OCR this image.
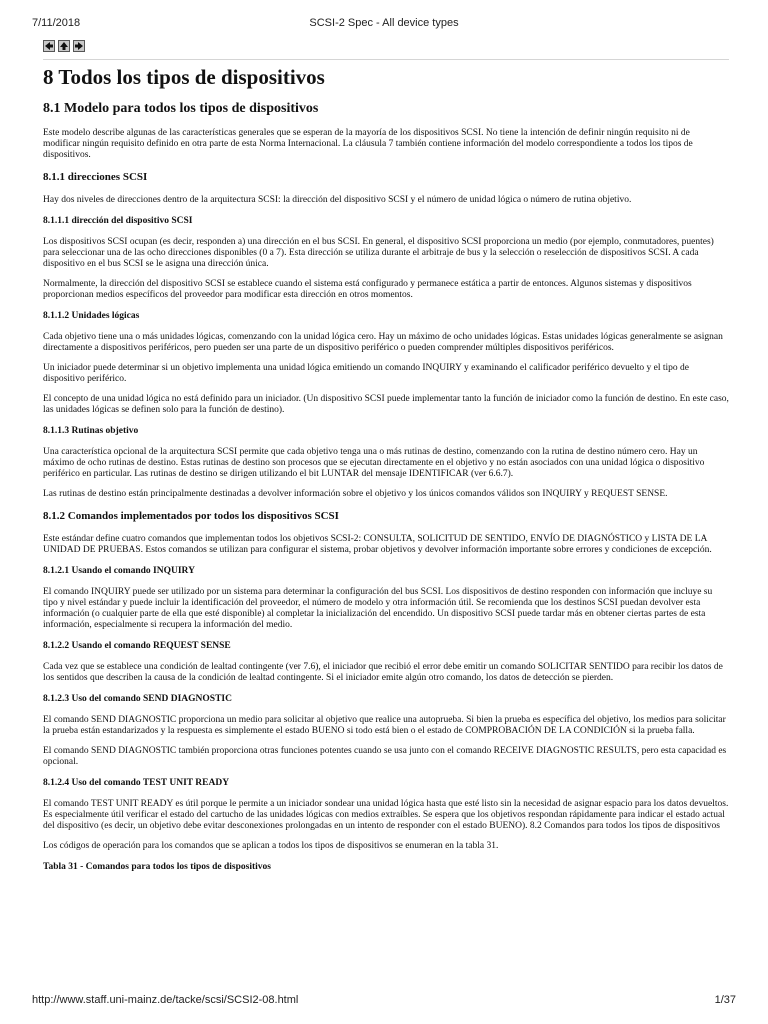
7/11/2018	SCSI-2 Spec - All device types
8 Todos los tipos de dispositivos
8.1 Modelo para todos los tipos de dispositivos

Este modelo describe algunas de las características generales que se esperan de la mayoría de los dispositivos SCSI. No tiene la intención de definir ningún requisito ni de modificar ningún requisito definido en otra parte de esta Norma Internacional. La cláusula 7 también contiene información del modelo correspondiente a todos los tipos de dispositivos.

8.1.1 direcciones SCSI

Hay dos niveles de direcciones dentro de la arquitectura SCSI: la dirección del dispositivo SCSI y el número de unidad lógica o número de rutina objetivo.

8.1.1.1 dirección del dispositivo SCSI

Los dispositivos SCSI ocupan (es decir, responden a) una dirección en el bus SCSI. En general, el dispositivo SCSI proporciona un medio (por ejemplo, conmutadores, puentes) para seleccionar una de las ocho direcciones disponibles (0 a 7). Esta dirección se utiliza durante el arbitraje de bus y la selección o reselección de dispositivos SCSI. A cada dispositivo en el bus SCSI se le asigna una dirección única.

Normalmente, la dirección del dispositivo SCSI se establece cuando el sistema está configurado y permanece estática a partir de entonces. Algunos sistemas y dispositivos proporcionan medios específicos del proveedor para modificar esta dirección en otros momentos.

8.1.1.2 Unidades lógicas

Cada objetivo tiene una o más unidades lógicas, comenzando con la unidad lógica cero. Hay un máximo de ocho unidades lógicas. Estas unidades lógicas generalmente se asignan directamente a dispositivos periféricos, pero pueden ser una parte de un dispositivo periférico o pueden comprender múltiples dispositivos periféricos.

Un iniciador puede determinar si un objetivo implementa una unidad lógica emitiendo un comando INQUIRY y examinando el calificador periférico devuelto y el tipo de dispositivo periférico.

El concepto de una unidad lógica no está definido para un iniciador. (Un dispositivo SCSI puede implementar tanto la función de iniciador como la función de destino. En este caso, las unidades lógicas se definen solo para la función de destino).

8.1.1.3 Rutinas objetivo

Una característica opcional de la arquitectura SCSI permite que cada objetivo tenga una o más rutinas de destino, comenzando con la rutina de destino número cero. Hay un máximo de ocho rutinas de destino. Estas rutinas de destino son procesos que se ejecutan directamente en el objetivo y no están asociados con una unidad lógica o dispositivo periférico en particular. Las rutinas de destino se dirigen utilizando el bit LUNTAR del mensaje IDENTIFICAR (ver 6.6.7).

Las rutinas de destino están principalmente destinadas a devolver información sobre el objetivo y los únicos comandos válidos son INQUIRY y REQUEST SENSE.

8.1.2 Comandos implementados por todos los dispositivos SCSI

Este estándar define cuatro comandos que implementan todos los objetivos SCSI-2: CONSULTA, SOLICITUD DE SENTIDO, ENVÍO DE DIAGNÓSTICO y LISTA DE LA UNIDAD DE PRUEBAS. Estos comandos se utilizan para configurar el sistema, probar objetivos y devolver información importante sobre errores y condiciones de excepción.

8.1.2.1 Usando el comando INQUIRY

El comando INQUIRY puede ser utilizado por un sistema para determinar la configuración del bus SCSI. Los dispositivos de destino responden con información que incluye su tipo y nivel estándar y puede incluir la identificación del proveedor, el número de modelo y otra información útil. Se recomienda que los destinos SCSI puedan devolver esta información (o cualquier parte de ella que esté disponible) al completar la inicialización del encendido. Un dispositivo SCSI puede tardar más en obtener ciertas partes de esta información, especialmente si recupera la información del medio.

8.1.2.2 Usando el comando REQUEST SENSE

Cada vez que se establece una condición de lealtad contingente (ver 7.6), el iniciador que recibió el error debe emitir un comando SOLICITAR SENTIDO para recibir los datos de los sentidos que describen la causa de la condición de lealtad contingente. Si el iniciador emite algún otro comando, los datos de detección se pierden.

8.1.2.3 Uso del comando SEND DIAGNOSTIC

El comando SEND DIAGNOSTIC proporciona un medio para solicitar al objetivo que realice una autoprueba. Si bien la prueba es específica del objetivo, los medios para solicitar la prueba están estandarizados y la respuesta es simplemente el estado BUENO si todo está bien o el estado de COMPROBACIÓN DE LA CONDICIÓN si la prueba falla.

El comando SEND DIAGNOSTIC también proporciona otras funciones potentes cuando se usa junto con el comando RECEIVE DIAGNOSTIC RESULTS, pero esta capacidad es opcional.

8.1.2.4 Uso del comando TEST UNIT READY

El comando TEST UNIT READY es útil porque le permite a un iniciador sondear una unidad lógica hasta que esté listo sin la necesidad de asignar espacio para los datos devueltos. Es especialmente útil verificar el estado del cartucho de las unidades lógicas con medios extraíbles. Se espera que los objetivos respondan rápidamente para indicar el estado actual del dispositivo (es decir, un objetivo debe evitar desconexiones prolongadas en un intento de responder con el estado BUENO). 8.2 Comandos para todos los tipos de dispositivos

Los códigos de operación para los comandos que se aplican a todos los tipos de dispositivos se enumeran en la tabla 31.

Tabla 31 - Comandos para todos los tipos de dispositivos
http://www.staff.uni-mainz.de/tacke/scsi/SCSI2-08.html	1/37
